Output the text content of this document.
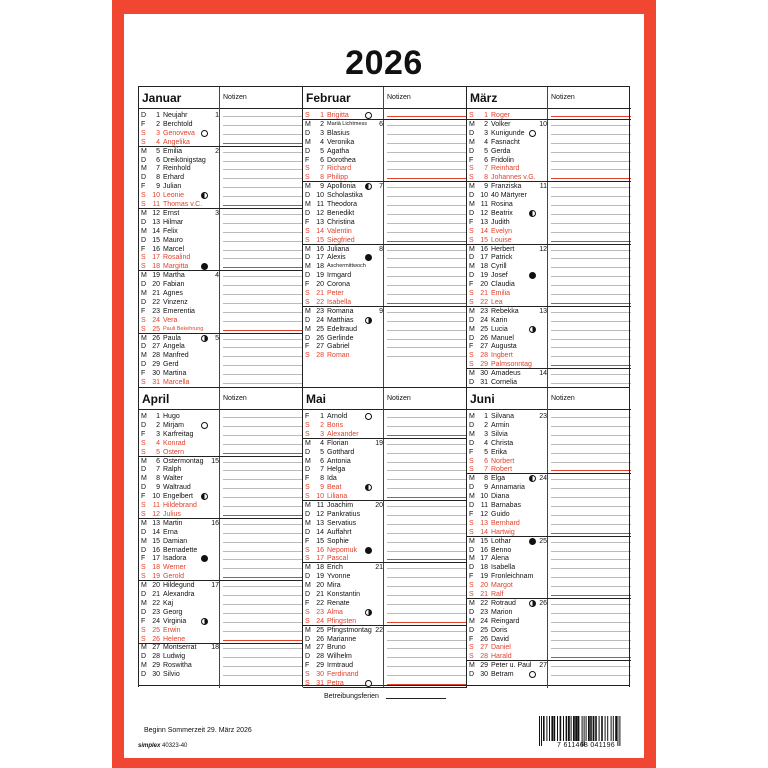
2026
Januar	Notizen
D	1 Neujahr	1
F	2 Berchtold
S	3 Genoveva
S	4 Angelika
M	5 Emilia	2
D	6 Dreikönigstag
M	7 Reinhold
D	8 Erhard
F	9 Julian
S 10 Leonie
S	11 Thomas v.C.
M 12 Ernst	3
D 13 Hilmar
M 14 Felix
D 15 Mauro
F 16 Marcel
S 17 Rosalind
S 18 Margitta
M 19 Martha	4
D 20 Fabian
M 21 Agnes
D 22 Vinzenz
F 23 Emerentia
S 24 Vera
S 25 Pauli Bekehrung
M 26 Paula	5
D 27 Angela
M 28 Manfred
D 29 Gerd
F 30 Martina
S 31 Marcella
Februar	Notizen
S	1 Brigitta
M	2 Mariä Lichtmess	6
D	3 Blasius
M	4 Veronika
D	5 Agatha
F	6 Dorothea
S	7 Richard
S	8 Philipp
M	9 Apollonia	7
D 10 Scholastika
M 11 Theodora
D 12 Benedikt
F 13 Christina
S 14 Valentin
S 15 Siegfried
M 16 Juliana	8
D 17 Alexis
M 18 Aschermittwoch
D 19 Irmgard
F 20 Corona
S 21 Peter
S 22 Isabella
M 23 Romana	9
D 24 Matthias
M 25 Edeltraud
D 26 Gerlinde
F 27 Gabriel
S 28 Roman
März	Notizen
S	1 Roger
M	2 Volker	10
D	3 Kunigunde
M	4 Fasnacht
D	5 Gerda
F	6 Fridolin
S	7 Reinhard
S	8 Johannes v.G.
M	9 Franziska	11
D 10 40 Märtyrer
M 11 Rosina
D 12 Beatrix
F 13 Judith
S 14 Evelyn
S 15 Louise
M 16 Herbert	12
D 17 Patrick
M 18 Cyrill
D 19 Josef
F 20 Claudia
S 21 Emilia
S 22 Lea
M 23 Rebekka	13
D 24 Karin
M 25 Lucia
D 26 Manuel
F 27 Augusta
S 28 Ingbert
S 29 Palmsonntag
M 30 Amadeus	14
D 31 Cornelia
April	Notizen
M	1 Hugo
D	2 Mirjam
F	3 Karfreitag
S	4 Konrad
S	5 Ostern
M	6 Ostermontag	15
D	7 Ralph
M	8 Walter
D	9 Waltraud
F 10 Engelbert
S	11 Hildebrand
S 12 Julius
M 13 Martin	16
D 14 Erna
M 15 Damian
D 16 Bernadette
F 17 Isadora
S 18 Werner
S 19 Gerold
M 20 Hildegund	17
D 21 Alexandra
M 22 Kaj
D 23 Georg
F 24 Virginia
S 25 Erwin
S 26 Helene
M 27 Montserrat	18
D 28 Ludwig
M 29 Roswitha
D 30 Silvio
Mai	Notizen
F	1 Arnold
S	2 Boris
S	3 Alexander
M	4 Florian	19
D	5 Gotthard
M	6 Antonia
D	7 Helga
F	8 Ida
S	9 Beat
S 10 Liliana
M 11 Joachim	20
D 12 Pankratius
M 13 Servatius
D 14 Auffahrt
F 15 Sophie
S 16 Nepomuk
S 17 Pascal
M 18 Erich	21
D 19 Yvonne
M 20 Mira
D 21 Konstantin
F 22 Renate
S 23 Alma
S 24 Pfingsten
M 25 Pfingstmontag 22
D 26 Marianne
M 27 Bruno
D 28 Wilhelm
F 29 Irmtraud
S 30 Ferdinand
S 31 Petra
Juni	Notizen
M	1 Silvana	23
D	2 Armin
M	3 Silvia
D	4 Christa
F	5 Erika
S	6 Norbert
S	7 Robert
M	8 Elga	24
D	9 Annamaria
M 10 Diana
D 11 Barnabas
F 12 Guido
S 13 Bernhard
S 14 Hartwig
M 15 Lothar	25
D 16 Benno
M 17 Alena
D 18 Isabella
F 19 Fronleichnam
S 20 Margot
S 21 Ralf
M 22 Rotraud	26
D 23 Marion
M 24 Reingard
D 25 Doris
F 26 David
S 27 Daniel
S 28 Harald
M 29 Peter u. Paul	27
D 30 Betram
Betreibungsferien
Beginn Sommerzeit 29. März 2026
simplex 40323-40	7 611468 041196
